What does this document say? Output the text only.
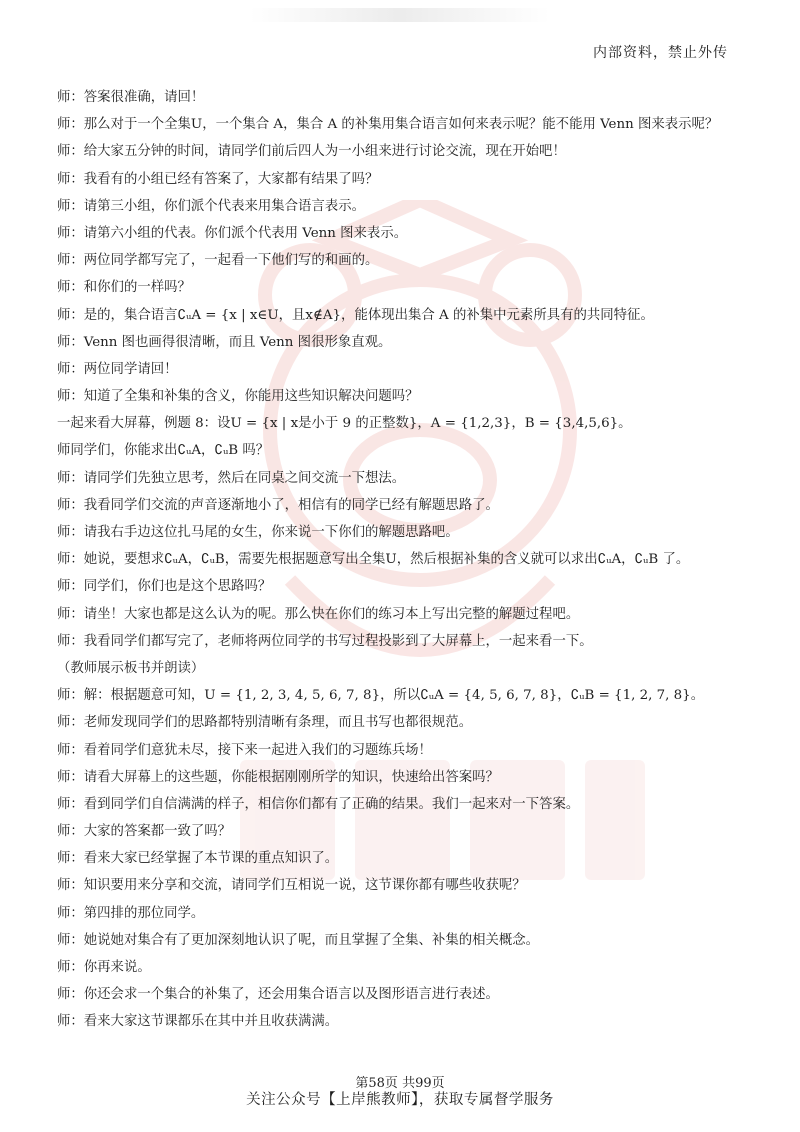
内部资料，禁止外传
师：答案很准确，请回！
师：那么对于一个全集U，一个集合 A，集合 A 的补集用集合语言如何来表示呢？能不能用 Venn 图来表示呢？
师：给大家五分钟的时间，请同学们前后四人为一小组来进行讨论交流，现在开始吧！
师：我看有的小组已经有答案了，大家都有结果了吗？
师：请第三小组，你们派个代表来用集合语言表示。
师：请第六小组的代表。你们派个代表用 Venn 图来表示。
师：两位同学都写完了，一起看一下他们写的和画的。
师：和你们的一样吗？
师：是的，集合语言∁ᵤA = {x | x∈U，且x∉A}，能体现出集合 A 的补集中元素所具有的共同特征。
师：Venn 图也画得很清晰，而且 Venn 图很形象直观。
师：两位同学请回！
师：知道了全集和补集的含义，你能用这些知识解决问题吗？
一起来看大屏幕，例题 8：设U = {x | x是小于 9 的正整数}，A = {1,2,3}，B = {3,4,5,6}。
师同学们，你能求出∁ᵤA，∁ᵤB 吗？
师：请同学们先独立思考，然后在同桌之间交流一下想法。
师：我看同学们交流的声音逐渐地小了，相信有的同学已经有解题思路了。
师：请我右手边这位扎马尾的女生，你来说一下你们的解题思路吧。
师：她说，要想求∁ᵤA，∁ᵤB，需要先根据题意写出全集U，然后根据补集的含义就可以求出∁ᵤA，∁ᵤB 了。
师：同学们，你们也是这个思路吗？
师：请坐！大家也都是这么认为的呢。那么快在你们的练习本上写出完整的解题过程吧。
师：我看同学们都写完了，老师将两位同学的书写过程投影到了大屏幕上，一起来看一下。
（教师展示板书并朗读）
师：解：根据题意可知，U = {1, 2, 3, 4, 5, 6, 7, 8}，所以∁ᵤA = {4, 5, 6, 7, 8}，∁ᵤB = {1, 2, 7, 8}。
师：老师发现同学们的思路都特别清晰有条理，而且书写也都很规范。
师：看着同学们意犹未尽，接下来一起进入我们的习题练兵场！
师：请看大屏幕上的这些题，你能根据刚刚所学的知识，快速给出答案吗？
师：看到同学们自信满满的样子，相信你们都有了正确的结果。我们一起来对一下答案。
师：大家的答案都一致了吗？
师：看来大家已经掌握了本节课的重点知识了。
师：知识要用来分享和交流，请同学们互相说一说，这节课你都有哪些收获呢？
师：第四排的那位同学。
师：她说她对集合有了更加深刻地认识了呢，而且掌握了全集、补集的相关概念。
师：你再来说。
师：你还会求一个集合的补集了，还会用集合语言以及图形语言进行表述。
师：看来大家这节课都乐在其中并且收获满满。
第58页 共99页
关注公众号【上岸熊教师】，获取专属督学服务
